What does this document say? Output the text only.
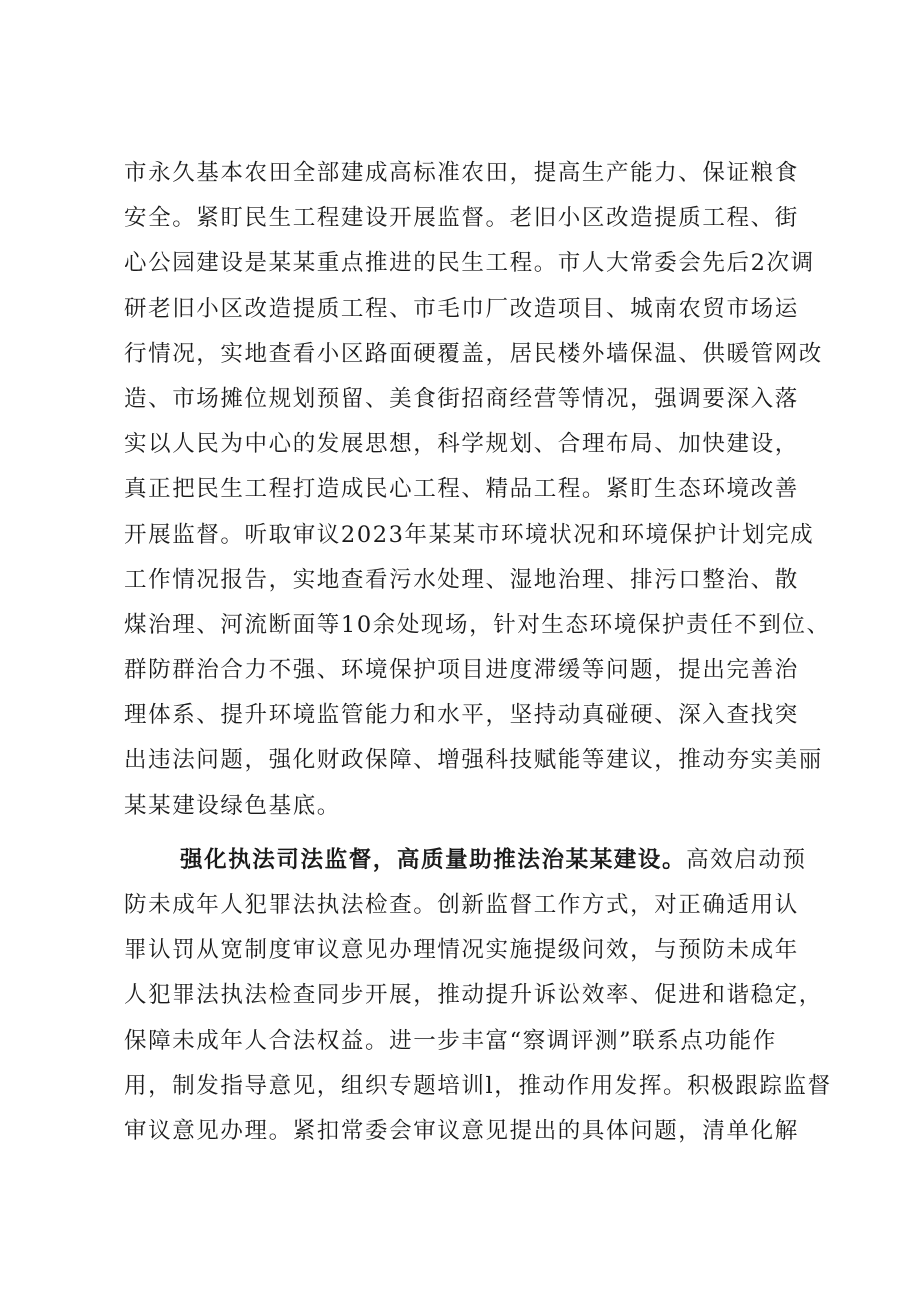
市永久基本农田全部建成高标准农田，提高生产能力、保证粮食
安全。紧盯民生工程建设开展监督。老旧小区改造提质工程、街
心公园建设是某某重点推进的民生工程。市人大常委会先后2次调
研老旧小区改造提质工程、市毛巾厂改造项目、城南农贸市场运
行情况，实地查看小区路面硬覆盖，居民楼外墙保温、供暖管网改
造、市场摊位规划预留、美食街招商经营等情况，强调要深入落
实以人民为中心的发展思想，科学规划、合理布局、加快建设，
真正把民生工程打造成民心工程、精品工程。紧盯生态环境改善
开展监督。听取审议2023年某某市环境状况和环境保护计划完成
工作情况报告，实地查看污水处理、湿地治理、排污口整治、散
煤治理、河流断面等10余处现场，针对生态环境保护责任不到位、
群防群治合力不强、环境保护项目进度滞缓等问题，提出完善治
理体系、提升环境监管能力和水平，坚持动真碰硬、深入查找突
出违法问题，强化财政保障、增强科技赋能等建议，推动夯实美丽
某某建设绿色基底。
强化执法司法监督，高质量助推法治某某建设。高效启动预
防未成年人犯罪法执法检查。创新监督工作方式，对正确适用认
罪认罚从宽制度审议意见办理情况实施提级问效，与预防未成年
人犯罪法执法检查同步开展，推动提升诉讼效率、促进和谐稳定，
保障未成年人合法权益。进一步丰富“察调评测”联系点功能作
用，制发指导意见，组织专题培训l，推动作用发挥。积极跟踪监督
审议意见办理。紧扣常委会审议意见提出的具体问题，清单化解
